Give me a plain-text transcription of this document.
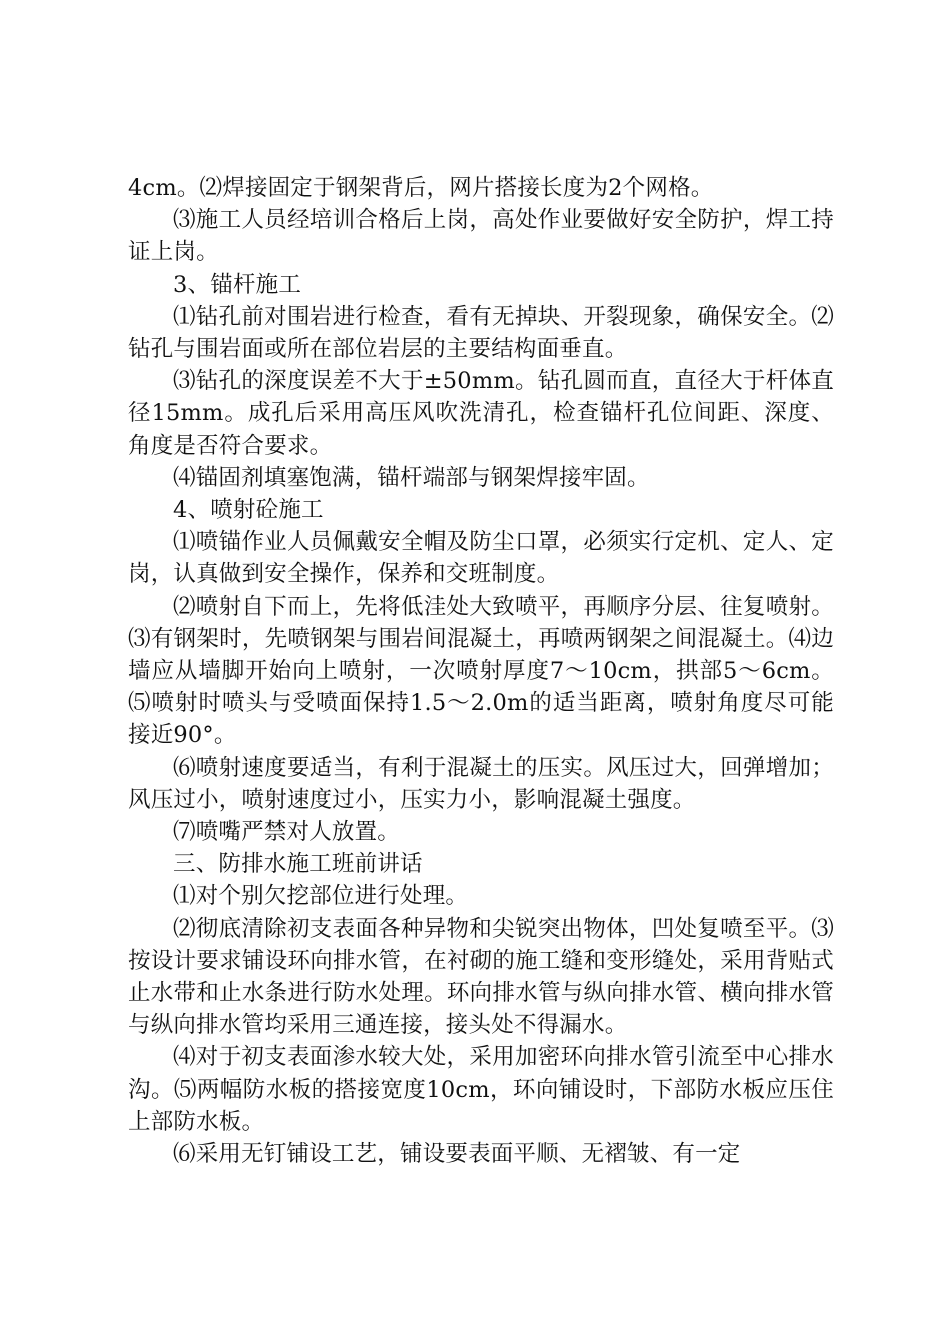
4cm。⑵焊接固定于钢架背后，网片搭接长度为2个网格。

⑶施工人员经培训合格后上岗，高处作业要做好安全防护，焊工持证上岗。

3、锚杆施工

⑴钻孔前对围岩进行检查，看有无掉块、开裂现象，确保安全。⑵钻孔与围岩面或所在部位岩层的主要结构面垂直。

⑶钻孔的深度误差不大于±50mm。钻孔圆而直，直径大于杆体直径15mm。成孔后采用高压风吹洗清孔，检查锚杆孔位间距、深度、角度是否符合要求。

⑷锚固剂填塞饱满，锚杆端部与钢架焊接牢固。

4、喷射砼施工

⑴喷锚作业人员佩戴安全帽及防尘口罩，必须实行定机、定人、定岗，认真做到安全操作，保养和交班制度。

⑵喷射自下而上，先将低洼处大致喷平，再顺序分层、往复喷射。⑶有钢架时，先喷钢架与围岩间混凝土，再喷两钢架之间混凝土。⑷边墙应从墙脚开始向上喷射，一次喷射厚度7～10cm，拱部5～6cm。⑸喷射时喷头与受喷面保持1.5～2.0m的适当距离，喷射角度尽可能接近90°。

⑹喷射速度要适当，有利于混凝土的压实。风压过大，回弹增加；风压过小，喷射速度过小，压实力小，影响混凝土强度。

⑺喷嘴严禁对人放置。

三、防排水施工班前讲话

⑴对个别欠挖部位进行处理。

⑵彻底清除初支表面各种异物和尖锐突出物体，凹处复喷至平。⑶按设计要求铺设环向排水管，在衬砌的施工缝和变形缝处，采用背贴式止水带和止水条进行防水处理。环向排水管与纵向排水管、横向排水管与纵向排水管均采用三通连接，接头处不得漏水。

⑷对于初支表面渗水较大处，采用加密环向排水管引流至中心排水沟。⑸两幅防水板的搭接宽度10cm，环向铺设时，下部防水板应压住上部防水板。

⑹采用无钉铺设工艺，铺设要表面平顺、无褶皱、有一定
